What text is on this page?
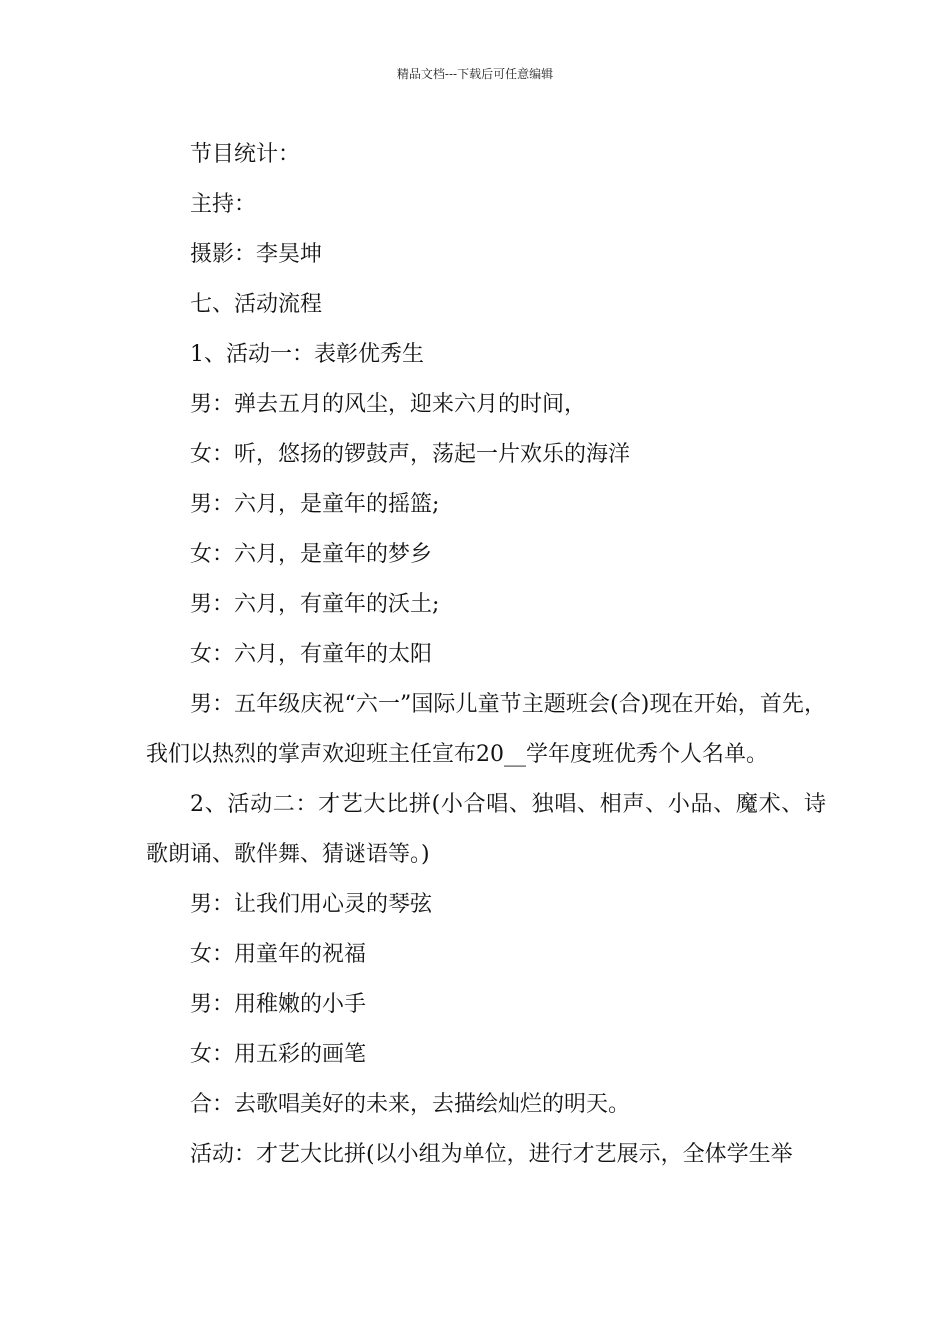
精品文档---下载后可任意编辑

节目统计：

主持：

摄影：李昊坤

七、活动流程

1、活动一：表彰优秀生

男：弹去五月的风尘，迎来六月的时间，

女：听，悠扬的锣鼓声，荡起一片欢乐的海洋

男：六月，是童年的摇篮;

女：六月，是童年的梦乡

男：六月，有童年的沃土;

女：六月，有童年的太阳

男：五年级庆祝“六一”国际儿童节主题班会(合)现在开始，首先，我们以热烈的掌声欢迎班主任宣布20__学年度班优秀个人名单。

2、活动二：才艺大比拼(小合唱、独唱、相声、小品、魔术、诗歌朗诵、歌伴舞、猜谜语等。)

男：让我们用心灵的琴弦

女：用童年的祝福

男：用稚嫩的小手

女：用五彩的画笔

合：去歌唱美好的未来，去描绘灿烂的明天。

活动：才艺大比拼(以小组为单位，进行才艺展示，全体学生举
